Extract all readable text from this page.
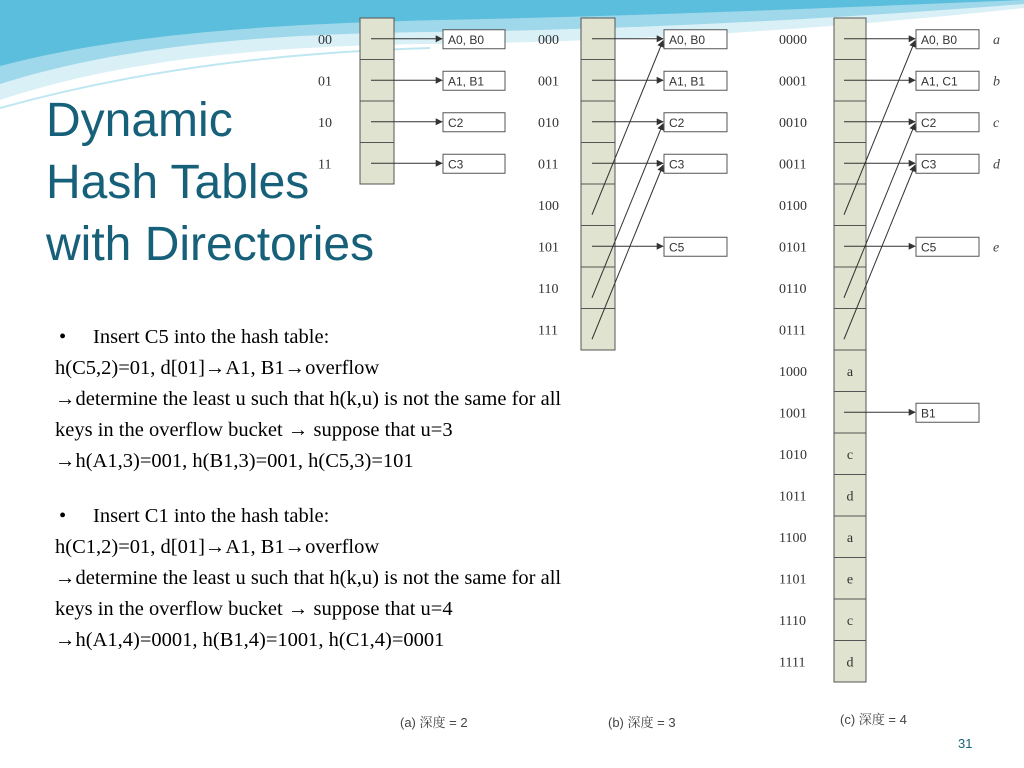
Dynamic
Hash Tables
with Directories
00
01
10
11
A0, B0
A1, B1
C2
C3
(a) 深度 = 2
000
001
010
011
100
101
110
111
A0, B0
A1, B1
C2
C3
C5
(b) 深度 = 3
0000
0001
0010
0011
0100
0101
0110
0111
1000	a
1001
1010	c
1011	d
1100	a
1101	e
1110	c
1111	d
A0, B0	a
A1, C1	b
C2	c
C3	d
C5	e
B1
(c) 深度 = 4
• Insert C5 into the hash table:
h(C5,2)=01, d[01]→A1, B1→overflow
→determine the least u such that h(k,u) is not the same for all
keys in the overflow bucket → suppose that u=3
→h(A1,3)=001, h(B1,3)=001, h(C5,3)=101
• Insert C1 into the hash table:
h(C1,2)=01, d[01]→A1, B1→overflow
→determine the least u such that h(k,u) is not the same for all
keys in the overflow bucket → suppose that u=4
→h(A1,4)=0001, h(B1,4)=1001, h(C1,4)=0001
31
